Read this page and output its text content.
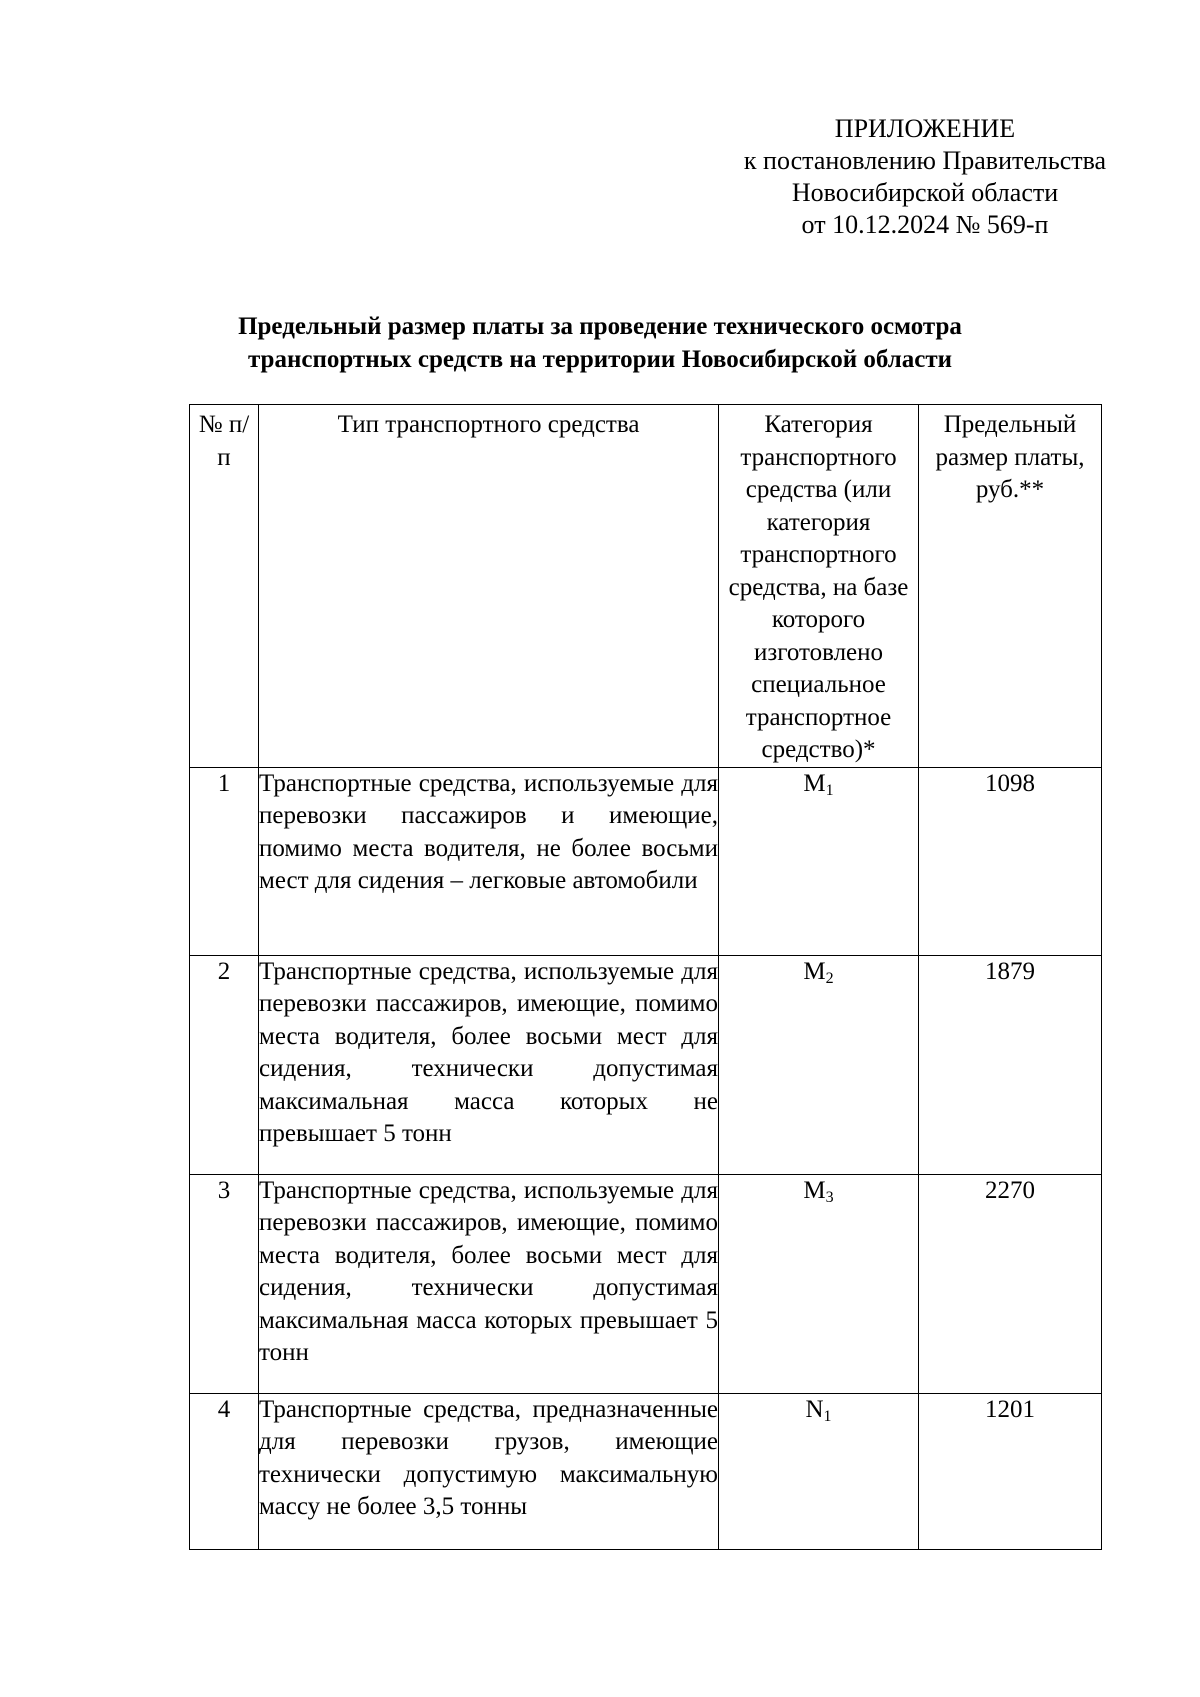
ПРИЛОЖЕНИЕ
к постановлению Правительства
Новосибирской области
от 10.12.2024 № 569-п
Предельный размер платы за проведение технического осмотра
транспортных средств на территории Новосибирской области
№ п/п	Тип транспортного средства	Категория транспортного средства (или категория транспортного средства, на базе которого изготовлено специальное транспортное средство)*	Предельный размер платы, руб.**

1	Транспортные средства, используемые для перевозки пассажиров и имеющие, помимо места водителя, не более восьми мест для сидения – легковые автомобили	M1	1098
2	Транспортные средства, используемые для перевозки пассажиров, имеющие, помимо места водителя, более восьми мест для сидения, технически допустимая максимальная масса которых не превышает 5 тонн	M2	1879
3	Транспортные средства, используемые для перевозки пассажиров, имеющие, помимо места водителя, более восьми мест для сидения, технически допустимая максимальная масса которых превышает 5 тонн	M3	2270
4	Транспортные средства, предназначенные для перевозки грузов, имеющие технически допустимую максимальную массу не более 3,5 тонны	N1	1201
